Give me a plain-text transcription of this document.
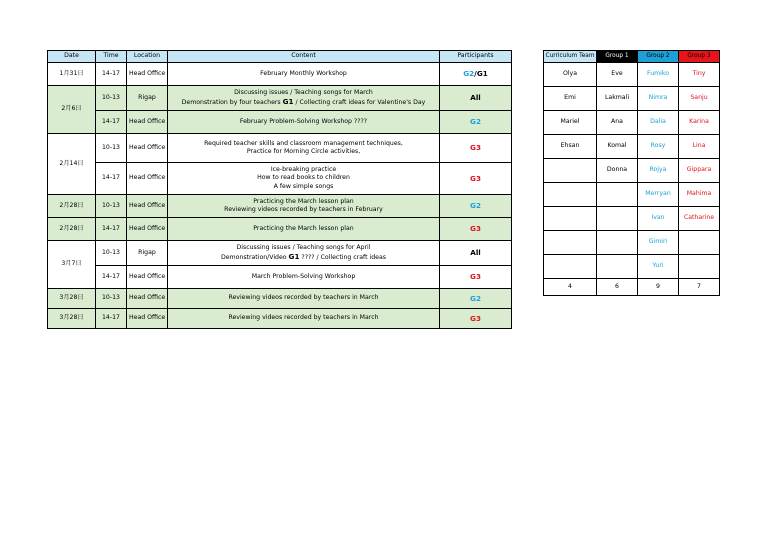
Date	Time	Location	Content	Participants
1月31日	14-17	Head Office	February Monthly Workshop	G2/G1
2月6日	10-13	Rigap	Discussing issues / Teaching songs for March
Demonstration by four teachers G1 / Collecting craft ideas for Valentine's Day	All
	14-17	Head Office	February Problem-Solving Workshop ????	G2
2月14日	10-13	Head Office	Required teacher skills and classroom management techniques,
Practice for Morning Circle activities,	G3
	14-17	Head Office	Ice-breaking practice
How to read books to children
A few simple songs	G3
2月28日	10-13	Head Office	Practicing the March lesson plan
Reviewing videos recorded by teachers in February	G2
2月28日	14-17	Head Office	Practicing the March lesson plan	G3
3月7日	10-13	Rigap	Discussing issues / Teaching songs for April
Demonstration/Video G1 ???? / Collecting craft ideas	All
	14-17	Head Office	March Problem-Solving Workshop	G3
3月28日	10-13	Head Office	Reviewing videos recorded by teachers in March	G2
3月28日	14-17	Head Office	Reviewing videos recorded by teachers in March	G3
Curriculum Team	Group 1	Group 2	Group 3
Olya	Eve	Fumiko	Tiny
Emi	Lakmali	Nimra	Sanju
Mariel	Ana	Dalia	Karina
Ehsan	Komal	Rosy	Lina
	Donna	Rojya	Gippara
		Merryan	Mahima
		Ivan	Catharine
		Gimiri	
		Yuri	
4	6	9	7
